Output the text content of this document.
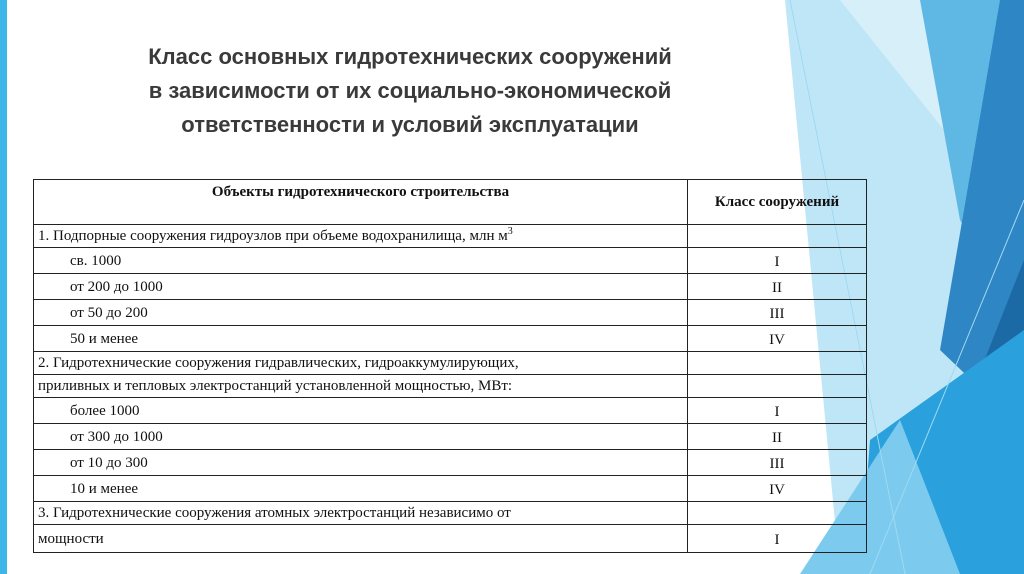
Класс основных гидротехнических сооружений
в зависимости от их социально-экономической
ответственности и условий эксплуатации
Объекты гидротехнического строительства	Класс сооружений
1. Подпорные сооружения гидроузлов при объеме водохранилища, млн $м^3$	
св. 1000	I
от 200 до 1000	II
от 50 до 200	III
50 и менее	IV
2. Гидротехнические сооружения гидравлических, гидроаккумулирующих,	
приливных и тепловых электростанций установленной мощностью, МВт:	
более 1000	I
от 300 до 1000	II
от 10 до 300	III
10 и менее	IV
3. Гидротехнические сооружения атомных электростанций независимо от	
мощности	I
